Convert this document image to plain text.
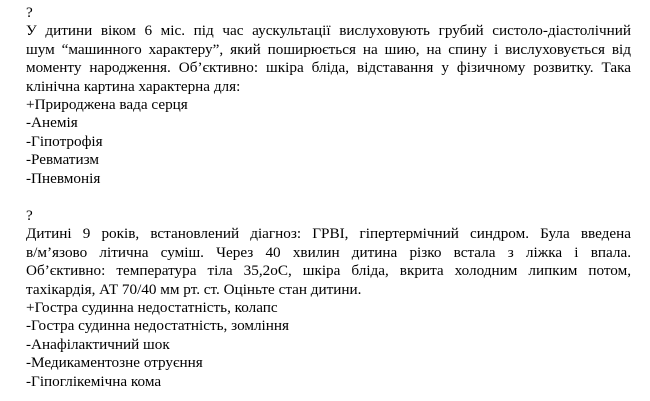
?
У дитини віком 6 міс. під час аускультації вислуховують грубий систоло-діастолічний
шум “машинного характеру”, який поширюється на шию, на спину і вислуховується від
моменту народження. Об’єктивно: шкіра бліда, відставання у фізичному розвитку. Така
клінічна картина характерна для:
+Природжена вада серця
-Анемія
-Гіпотрофія
-Ревматизм
-Пневмонія
?
Дитині 9 років, встановлений діагноз: ГРВІ, гіпертермічний синдром. Була введена
в/м’язово літична суміш. Через 40 хвилин дитина різко встала з ліжка і впала.
Об’єктивно: температура тіла 35,2оС, шкіра бліда, вкрита холодним липким потом,
тахікардія, АТ 70/40 мм рт. ст. Оціньте стан дитини.
+Гостра судинна недостатність, колапс
-Гостра судинна недостатність, зомління
-Анафілактичний шок
-Медикаментозне отруєння
-Гіпоглікемічна кома
